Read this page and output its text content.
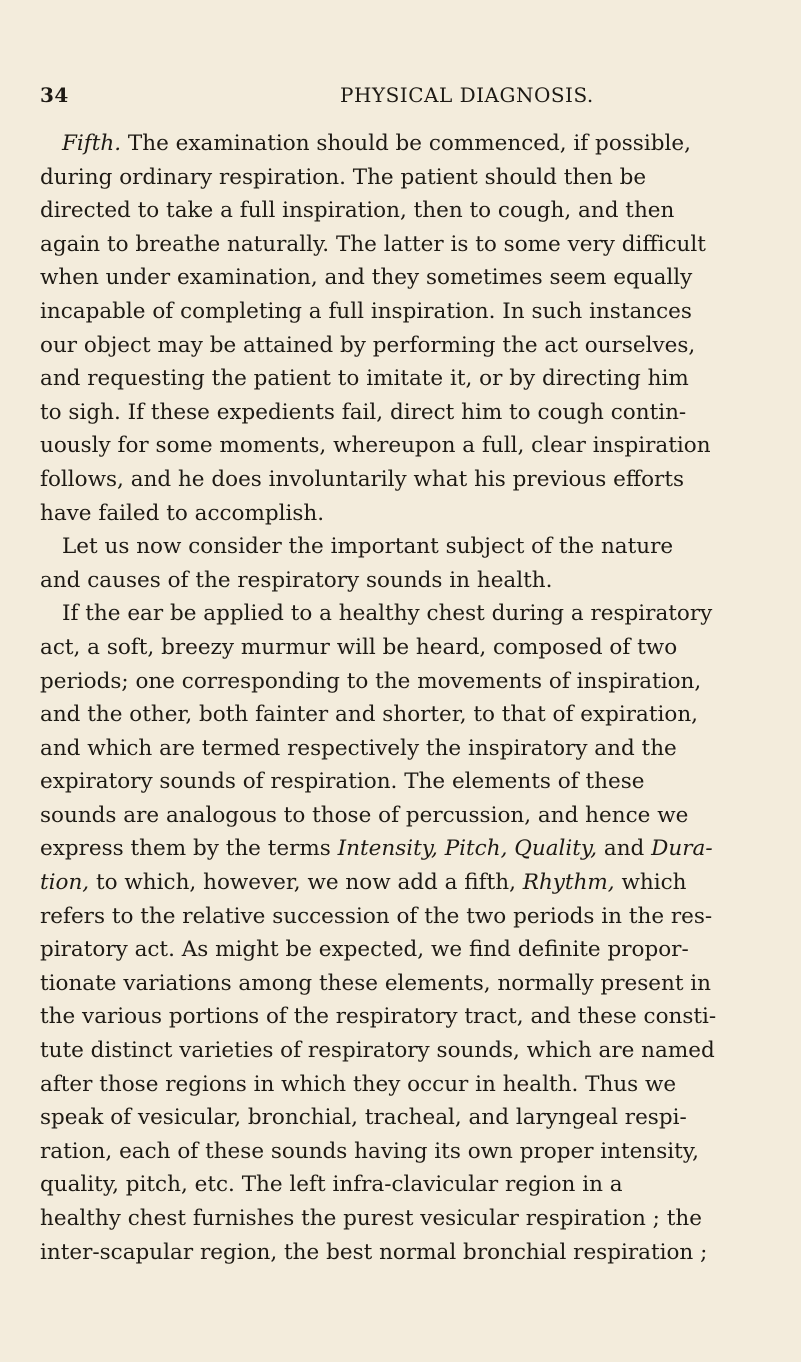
34	PHYSICAL DIAGNOSIS.
Fifth. The examination should be commenced, if possible,
during ordinary respiration. The patient should then be
directed to take a full inspiration, then to cough, and then
again to breathe naturally. The latter is to some very difficult
when under examination, and they sometimes seem equally
incapable of completing a full inspiration. In such instances
our object may be attained by performing the act ourselves,
and requesting the patient to imitate it, or by directing him
to sigh. If these expedients fail, direct him to cough contin-
uously for some moments, whereupon a full, clear inspiration
follows, and he does involuntarily what his previous efforts
have failed to accomplish.
Let us now consider the important subject of the nature
and causes of the respiratory sounds in health.
If the ear be applied to a healthy chest during a respiratory
act, a soft, breezy murmur will be heard, composed of two
periods; one corresponding to the movements of inspiration,
and the other, both fainter and shorter, to that of expiration,
and which are termed respectively the inspiratory and the
expiratory sounds of respiration. The elements of these
sounds are analogous to those of percussion, and hence we
express them by the terms Intensity, Pitch, Quality, and Dura-
tion, to which, however, we now add a fifth, Rhythm, which
refers to the relative succession of the two periods in the res-
piratory act. As might be expected, we find definite propor-
tionate variations among these elements, normally present in
the various portions of the respiratory tract, and these consti-
tute distinct varieties of respiratory sounds, which are named
after those regions in which they occur in health. Thus we
speak of vesicular, bronchial, tracheal, and laryngeal respi-
ration, each of these sounds having its own proper intensity,
quality, pitch, etc. The left infra-clavicular region in a
healthy chest furnishes the purest vesicular respiration ; the
inter-scapular region, the best normal bronchial respiration ;
